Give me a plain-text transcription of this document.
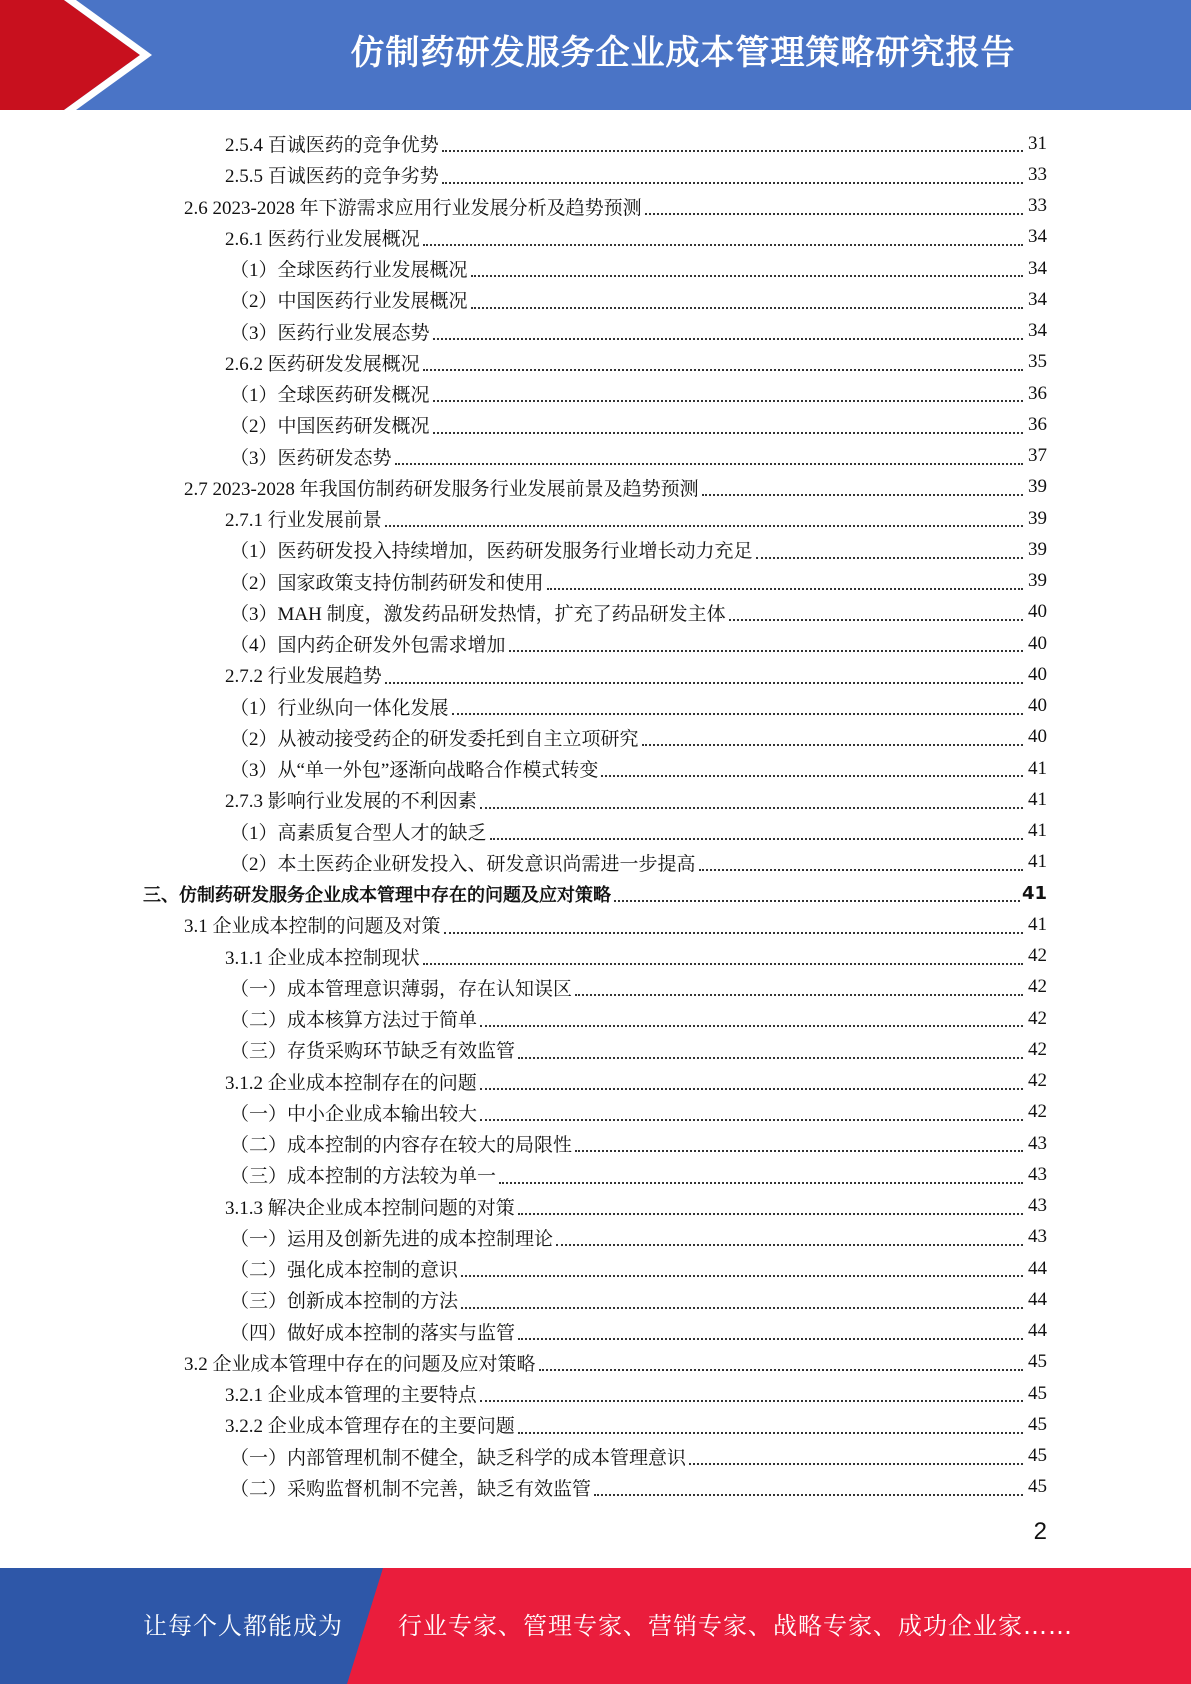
仿制药研发服务企业成本管理策略研究报告
2.5.4 百诚医药的竞争优势	31
2.5.5 百诚医药的竞争劣势	33
2.6 2023-2028 年下游需求应用行业发展分析及趋势预测	33
2.6.1 医药行业发展概况	34
（1）全球医药行业发展概况	34
（2）中国医药行业发展概况	34
（3）医药行业发展态势	34
2.6.2 医药研发发展概况	35
（1）全球医药研发概况	36
（2）中国医药研发概况	36
（3）医药研发态势	37
2.7 2023-2028 年我国仿制药研发服务行业发展前景及趋势预测	39
2.7.1 行业发展前景	39
（1）医药研发投入持续增加，医药研发服务行业增长动力充足	39
（2）国家政策支持仿制药研发和使用	39
（3）MAH 制度，激发药品研发热情，扩充了药品研发主体	40
（4）国内药企研发外包需求增加	40
2.7.2 行业发展趋势	40
（1）行业纵向一体化发展	40
（2）从被动接受药企的研发委托到自主立项研究	40
（3）从“单一外包”逐渐向战略合作模式转变	41
2.7.3 影响行业发展的不利因素	41
（1）高素质复合型人才的缺乏	41
（2）本土医药企业研发投入、研发意识尚需进一步提高	41
三、仿制药研发服务企业成本管理中存在的问题及应对策略	41
3.1 企业成本控制的问题及对策	41
3.1.1 企业成本控制现状	42
（一）成本管理意识薄弱，存在认知误区	42
（二）成本核算方法过于简单	42
（三）存货采购环节缺乏有效监管	42
3.1.2 企业成本控制存在的问题	42
（一）中小企业成本输出较大	42
（二）成本控制的内容存在较大的局限性	43
（三）成本控制的方法较为单一	43
3.1.3 解决企业成本控制问题的对策	43
（一）运用及创新先进的成本控制理论	43
（二）强化成本控制的意识	44
（三）创新成本控制的方法	44
（四）做好成本控制的落实与监管	44
3.2 企业成本管理中存在的问题及应对策略	45
3.2.1 企业成本管理的主要特点	45
3.2.2 企业成本管理存在的主要问题	45
（一）内部管理机制不健全，缺乏科学的成本管理意识	45
（二）采购监督机制不完善，缺乏有效监管	45
2
让每个人都能成为 行业专家、管理专家、营销专家、战略专家、成功企业家……
